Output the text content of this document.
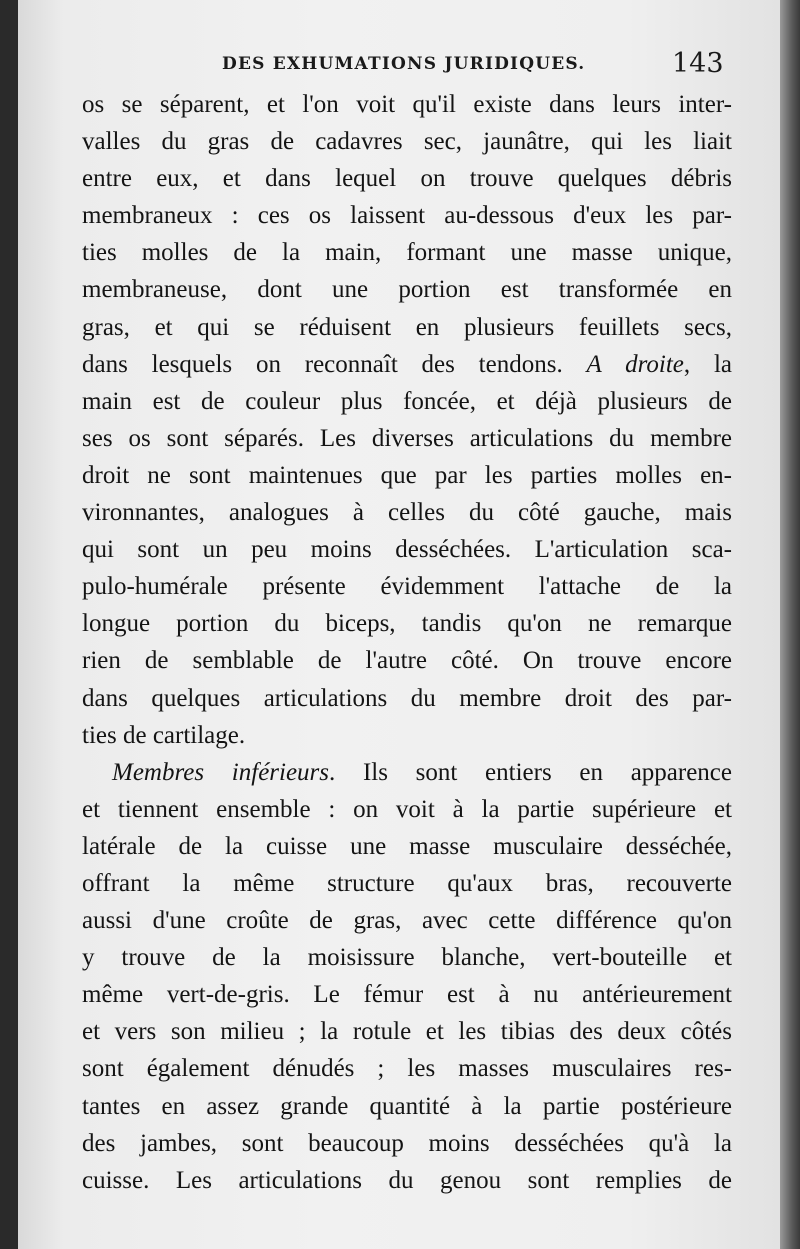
DES EXHUMATIONS JURIDIQUES.	143
os se séparent, et l'on voit qu'il existe dans leurs inter-
valles du gras de cadavres sec, jaunâtre, qui les liait
entre eux, et dans lequel on trouve quelques débris
membraneux : ces os laissent au-dessous d'eux les par-
ties molles de la main, formant une masse unique,
membraneuse, dont une portion est transformée en
gras, et qui se réduisent en plusieurs feuillets secs,
dans lesquels on reconnaît des tendons. A droite, la
main est de couleur plus foncée, et déjà plusieurs de
ses os sont séparés. Les diverses articulations du membre
droit ne sont maintenues que par les parties molles en-
vironnantes, analogues à celles du côté gauche, mais
qui sont un peu moins desséchées. L'articulation sca-
pulo-humérale présente évidemment l'attache de la
longue portion du biceps, tandis qu'on ne remarque
rien de semblable de l'autre côté. On trouve encore
dans quelques articulations du membre droit des par-
ties de cartilage.
Membres inférieurs. Ils sont entiers en apparence
et tiennent ensemble : on voit à la partie supérieure et
latérale de la cuisse une masse musculaire desséchée,
offrant la même structure qu'aux bras, recouverte
aussi d'une croûte de gras, avec cette différence qu'on
y trouve de la moisissure blanche, vert-bouteille et
même vert-de-gris. Le fémur est à nu antérieurement
et vers son milieu ; la rotule et les tibias des deux côtés
sont également dénudés ; les masses musculaires res-
tantes en assez grande quantité à la partie postérieure
des jambes, sont beaucoup moins desséchées qu'à la
cuisse. Les articulations du genou sont remplies de
